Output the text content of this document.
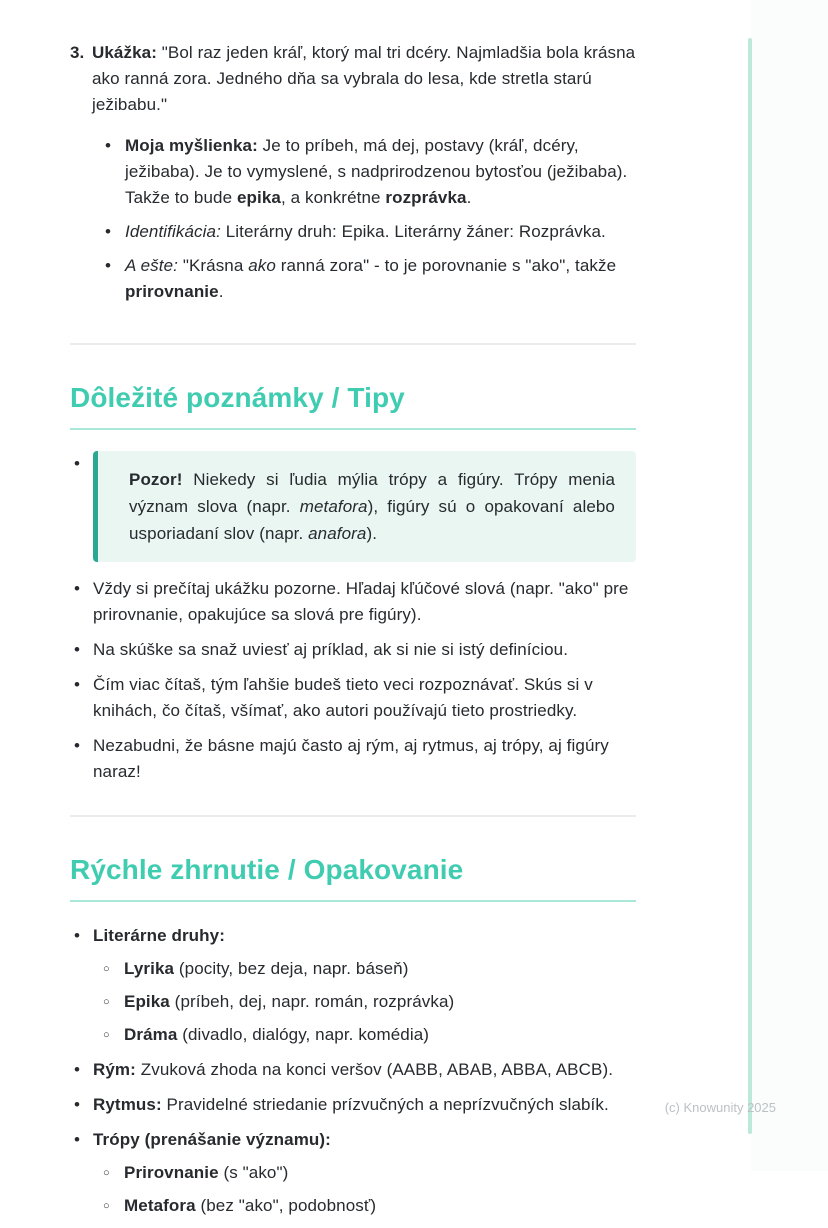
3. Ukážka: "Bol raz jeden kráľ, ktorý mal tri dcéry. Najmladšia bola krásna ako ranná zora. Jedného dňa sa vybrala do lesa, kde stretla starú ježibabu."

• Moja myšlienka: Je to príbeh, má dej, postavy (kráľ, dcéry, ježibaba). Je to vymyslené, s nadprirodzenou bytosťou (ježibaba). Takže to bude epika, a konkrétne rozprávka.

• Identifikácia: Literárny druh: Epika. Literárny žáner: Rozprávka.

• A ešte: "Krásna ako ranná zora" - to je porovnanie s "ako", takže prirovnanie.

Dôležité poznámky / Tipy

• Pozor! Niekedy si ľudia mýlia trópy a figúry. Trópy menia význam slova (napr. metafora), figúry sú o opakovaní alebo usporiadaní slov (napr. anafora).

• Vždy si prečítaj ukážku pozorne. Hľadaj kľúčové slová (napr. "ako" pre prirovnanie, opakujúce sa slová pre figúry).

• Na skúške sa snaž uviesť aj príklad, ak si nie si istý definíciou.

• Čím viac čítaš, tým ľahšie budeš tieto veci rozpoznávať. Skús si v knihách, čo čítaš, všímať, ako autori používajú tieto prostriedky.

• Nezabudni, že básne majú často aj rým, aj rytmus, aj trópy, aj figúry naraz!

Rýchle zhrnutie / Opakovanie

• Literárne druhy:

○ Lyrika (pocity, bez deja, napr. báseň)

○ Epika (príbeh, dej, napr. román, rozprávka)

○ Dráma (divadlo, dialógy, napr. komédia)

• Rým: Zvuková zhoda na konci veršov (AABB, ABAB, ABBA, ABCB).

• Rytmus: Pravidelné striedanie prízvučných a neprízvučných slabík.

• Trópy (prenášanie významu):

○ Prirovnanie (s "ako")

○ Metafora (bez "ako", podobnosť)

(c) Knowunity 2025
